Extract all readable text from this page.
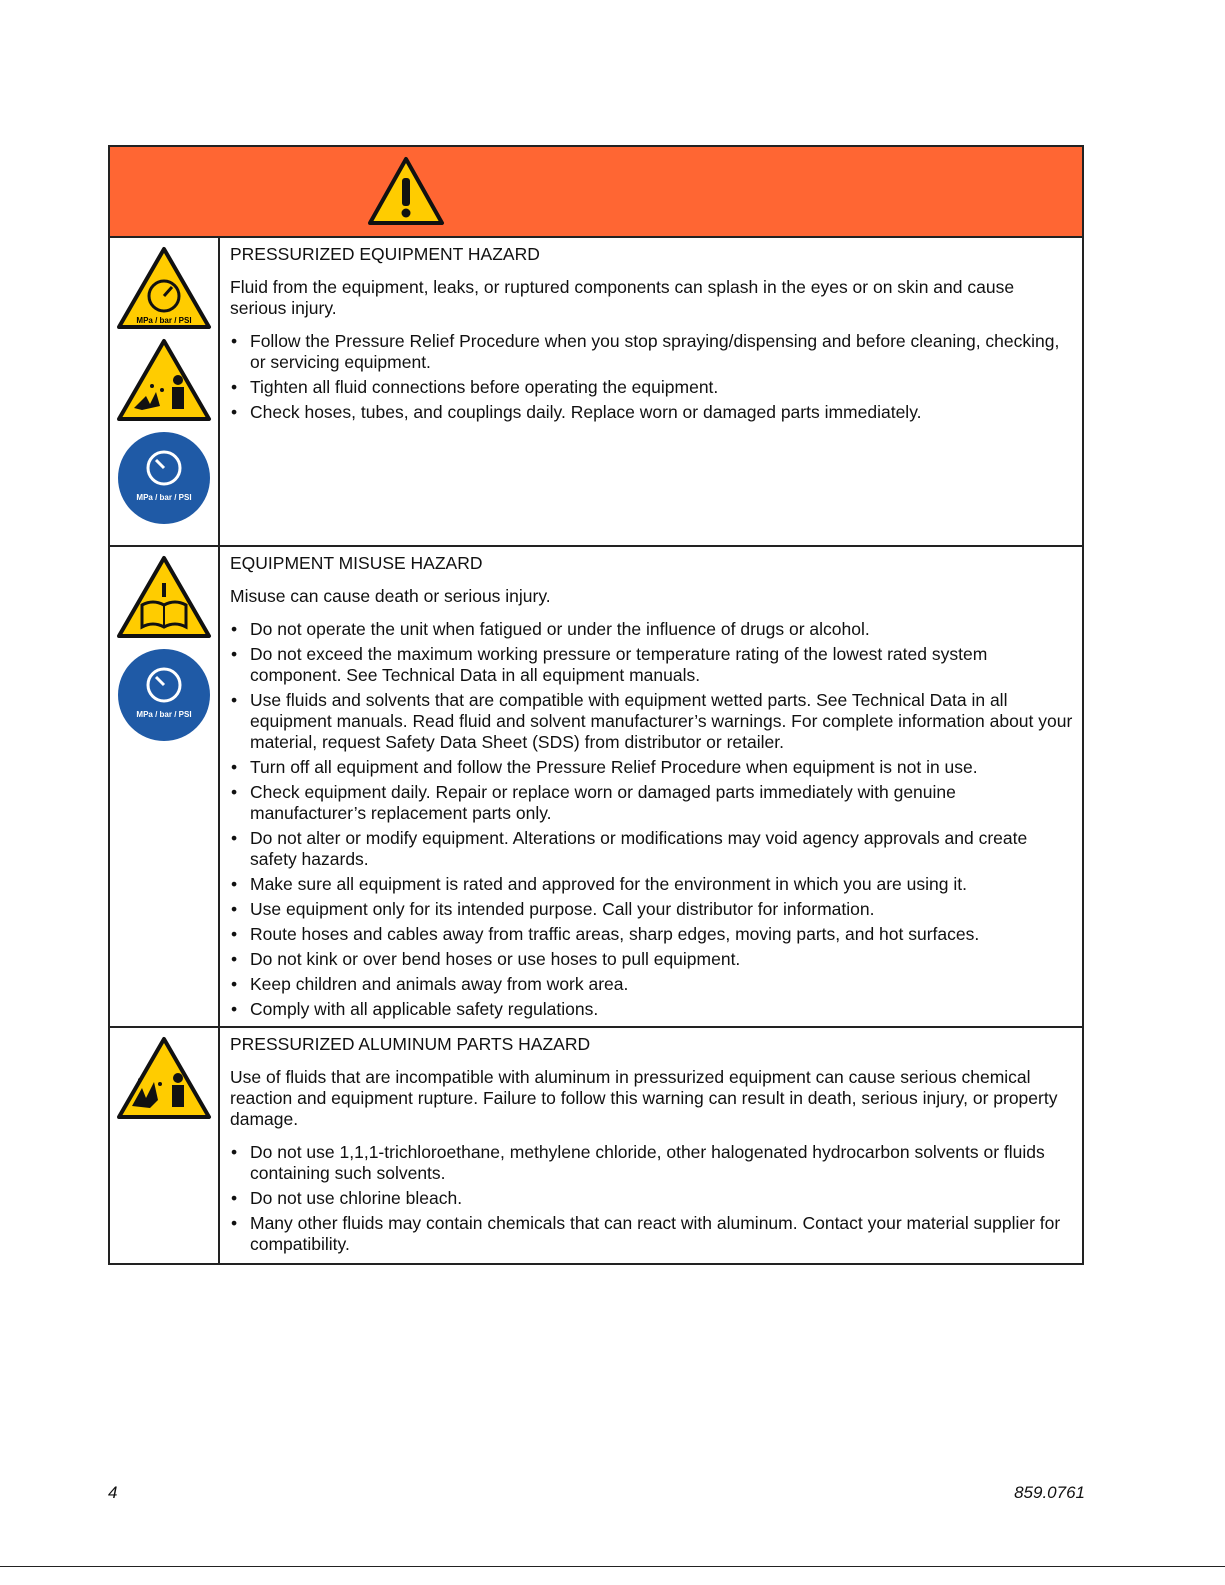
MPa / bar / PSI
MPa / bar / PSI
PRESSURIZED EQUIPMENT HAZARD
Fluid from the equipment, leaks, or ruptured components can splash in the eyes or on skin and cause serious injury.
• Follow the Pressure Relief Procedure when you stop spraying/dispensing and before cleaning, checking, or servicing equipment.
• Tighten all fluid connections before operating the equipment.
• Check hoses, tubes, and couplings daily. Replace worn or damaged parts immediately.
MPa / bar / PSI
EQUIPMENT MISUSE HAZARD
Misuse can cause death or serious injury.
• Do not operate the unit when fatigued or under the influence of drugs or alcohol.
• Do not exceed the maximum working pressure or temperature rating of the lowest rated system component. See Technical Data in all equipment manuals.
• Use fluids and solvents that are compatible with equipment wetted parts. See Technical Data in all equipment manuals. Read fluid and solvent manufacturer’s warnings. For complete information about your material, request Safety Data Sheet (SDS) from distributor or retailer.
• Turn off all equipment and follow the Pressure Relief Procedure when equipment is not in use.
• Check equipment daily. Repair or replace worn or damaged parts immediately with genuine manufacturer’s replacement parts only.
• Do not alter or modify equipment. Alterations or modifications may void agency approvals and create safety hazards.
• Make sure all equipment is rated and approved for the environment in which you are using it.
• Use equipment only for its intended purpose. Call your distributor for information.
• Route hoses and cables away from traffic areas, sharp edges, moving parts, and hot surfaces.
• Do not kink or over bend hoses or use hoses to pull equipment.
• Keep children and animals away from work area.
• Comply with all applicable safety regulations.
PRESSURIZED ALUMINUM PARTS HAZARD
Use of fluids that are incompatible with aluminum in pressurized equipment can cause serious chemical reaction and equipment rupture. Failure to follow this warning can result in death, serious injury, or property damage.
• Do not use 1,1,1-trichloroethane, methylene chloride, other halogenated hydrocarbon solvents or fluids containing such solvents.
• Do not use chlorine bleach.
• Many other fluids may contain chemicals that can react with aluminum. Contact your material supplier for compatibility.
4	859.0761
